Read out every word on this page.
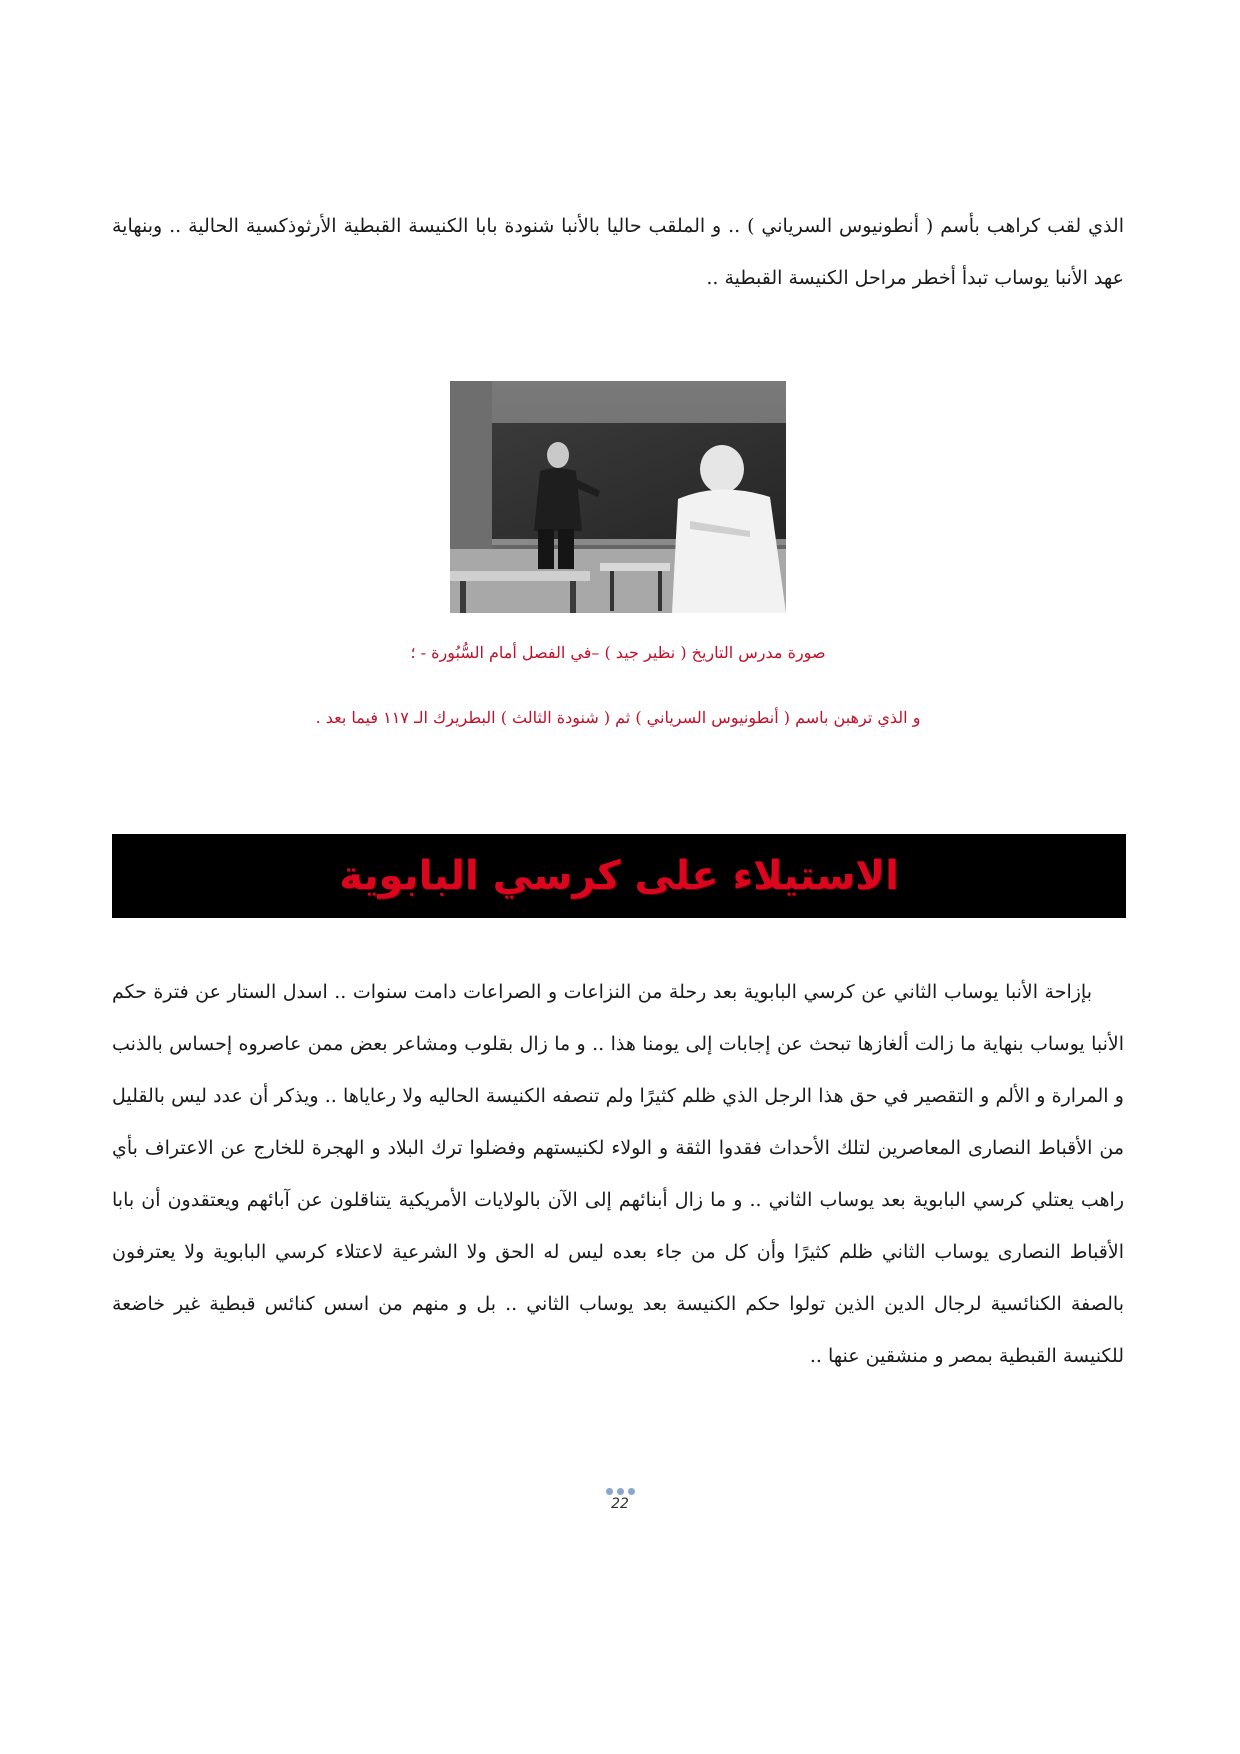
الذي لقب كراهب بأسم ( أنطونيوس السرياني ) .. و الملقب حاليا بالأنبا شنودة بابا الكنيسة القبطية الأرثوذكسية الحالية .. وبنهاية عهد الأنبا يوساب تبدأ أخطر مراحل الكنيسة القبطية ..

صورة مدرس التاريخ ( نظير جيد ) –في الفصل أمام السُّبُورة - ؛

و الذي ترهبن باسم ( أنطونيوس السرياني ) ثم ( شنودة الثالث ) البطريرك الـ ١١٧ فيما بعد .

الاستيلاء على كرسي البابوية

بإزاحة الأنبا يوساب الثاني عن كرسي البابوية بعد رحلة من النزاعات و الصراعات دامت سنوات .. اسدل الستار عن فترة حكم الأنبا يوساب بنهاية ما زالت ألغازها تبحث عن إجابات إلى يومنا هذا .. و ما زال بقلوب ومشاعر بعض ممن عاصروه إحساس بالذنب و المرارة و الألم و التقصير في حق هذا الرجل الذي ظلم كثيرًا ولم تنصفه الكنيسة الحاليه ولا رعاياها .. ويذكر أن عدد ليس بالقليل من الأقباط النصارى المعاصرين لتلك الأحداث فقدوا الثقة و الولاء لكنيستهم وفضلوا ترك البلاد و الهجرة للخارج عن الاعتراف بأي راهب يعتلي كرسي البابوية بعد يوساب الثاني .. و ما زال أبنائهم إلى الآن بالولايات الأمريكية يتناقلون عن آبائهم ويعتقدون أن بابا الأقباط النصارى يوساب الثاني ظلم كثيرًا وأن كل من جاء بعده ليس له الحق ولا الشرعية لاعتلاء كرسي البابوية ولا يعترفون بالصفة الكنائسية لرجال الدين الذين تولوا حكم الكنيسة بعد يوساب الثاني .. بل و منهم من اسس كنائس قبطية غير خاضعة للكنيسة القبطية بمصر و منشقين عنها ..

22
